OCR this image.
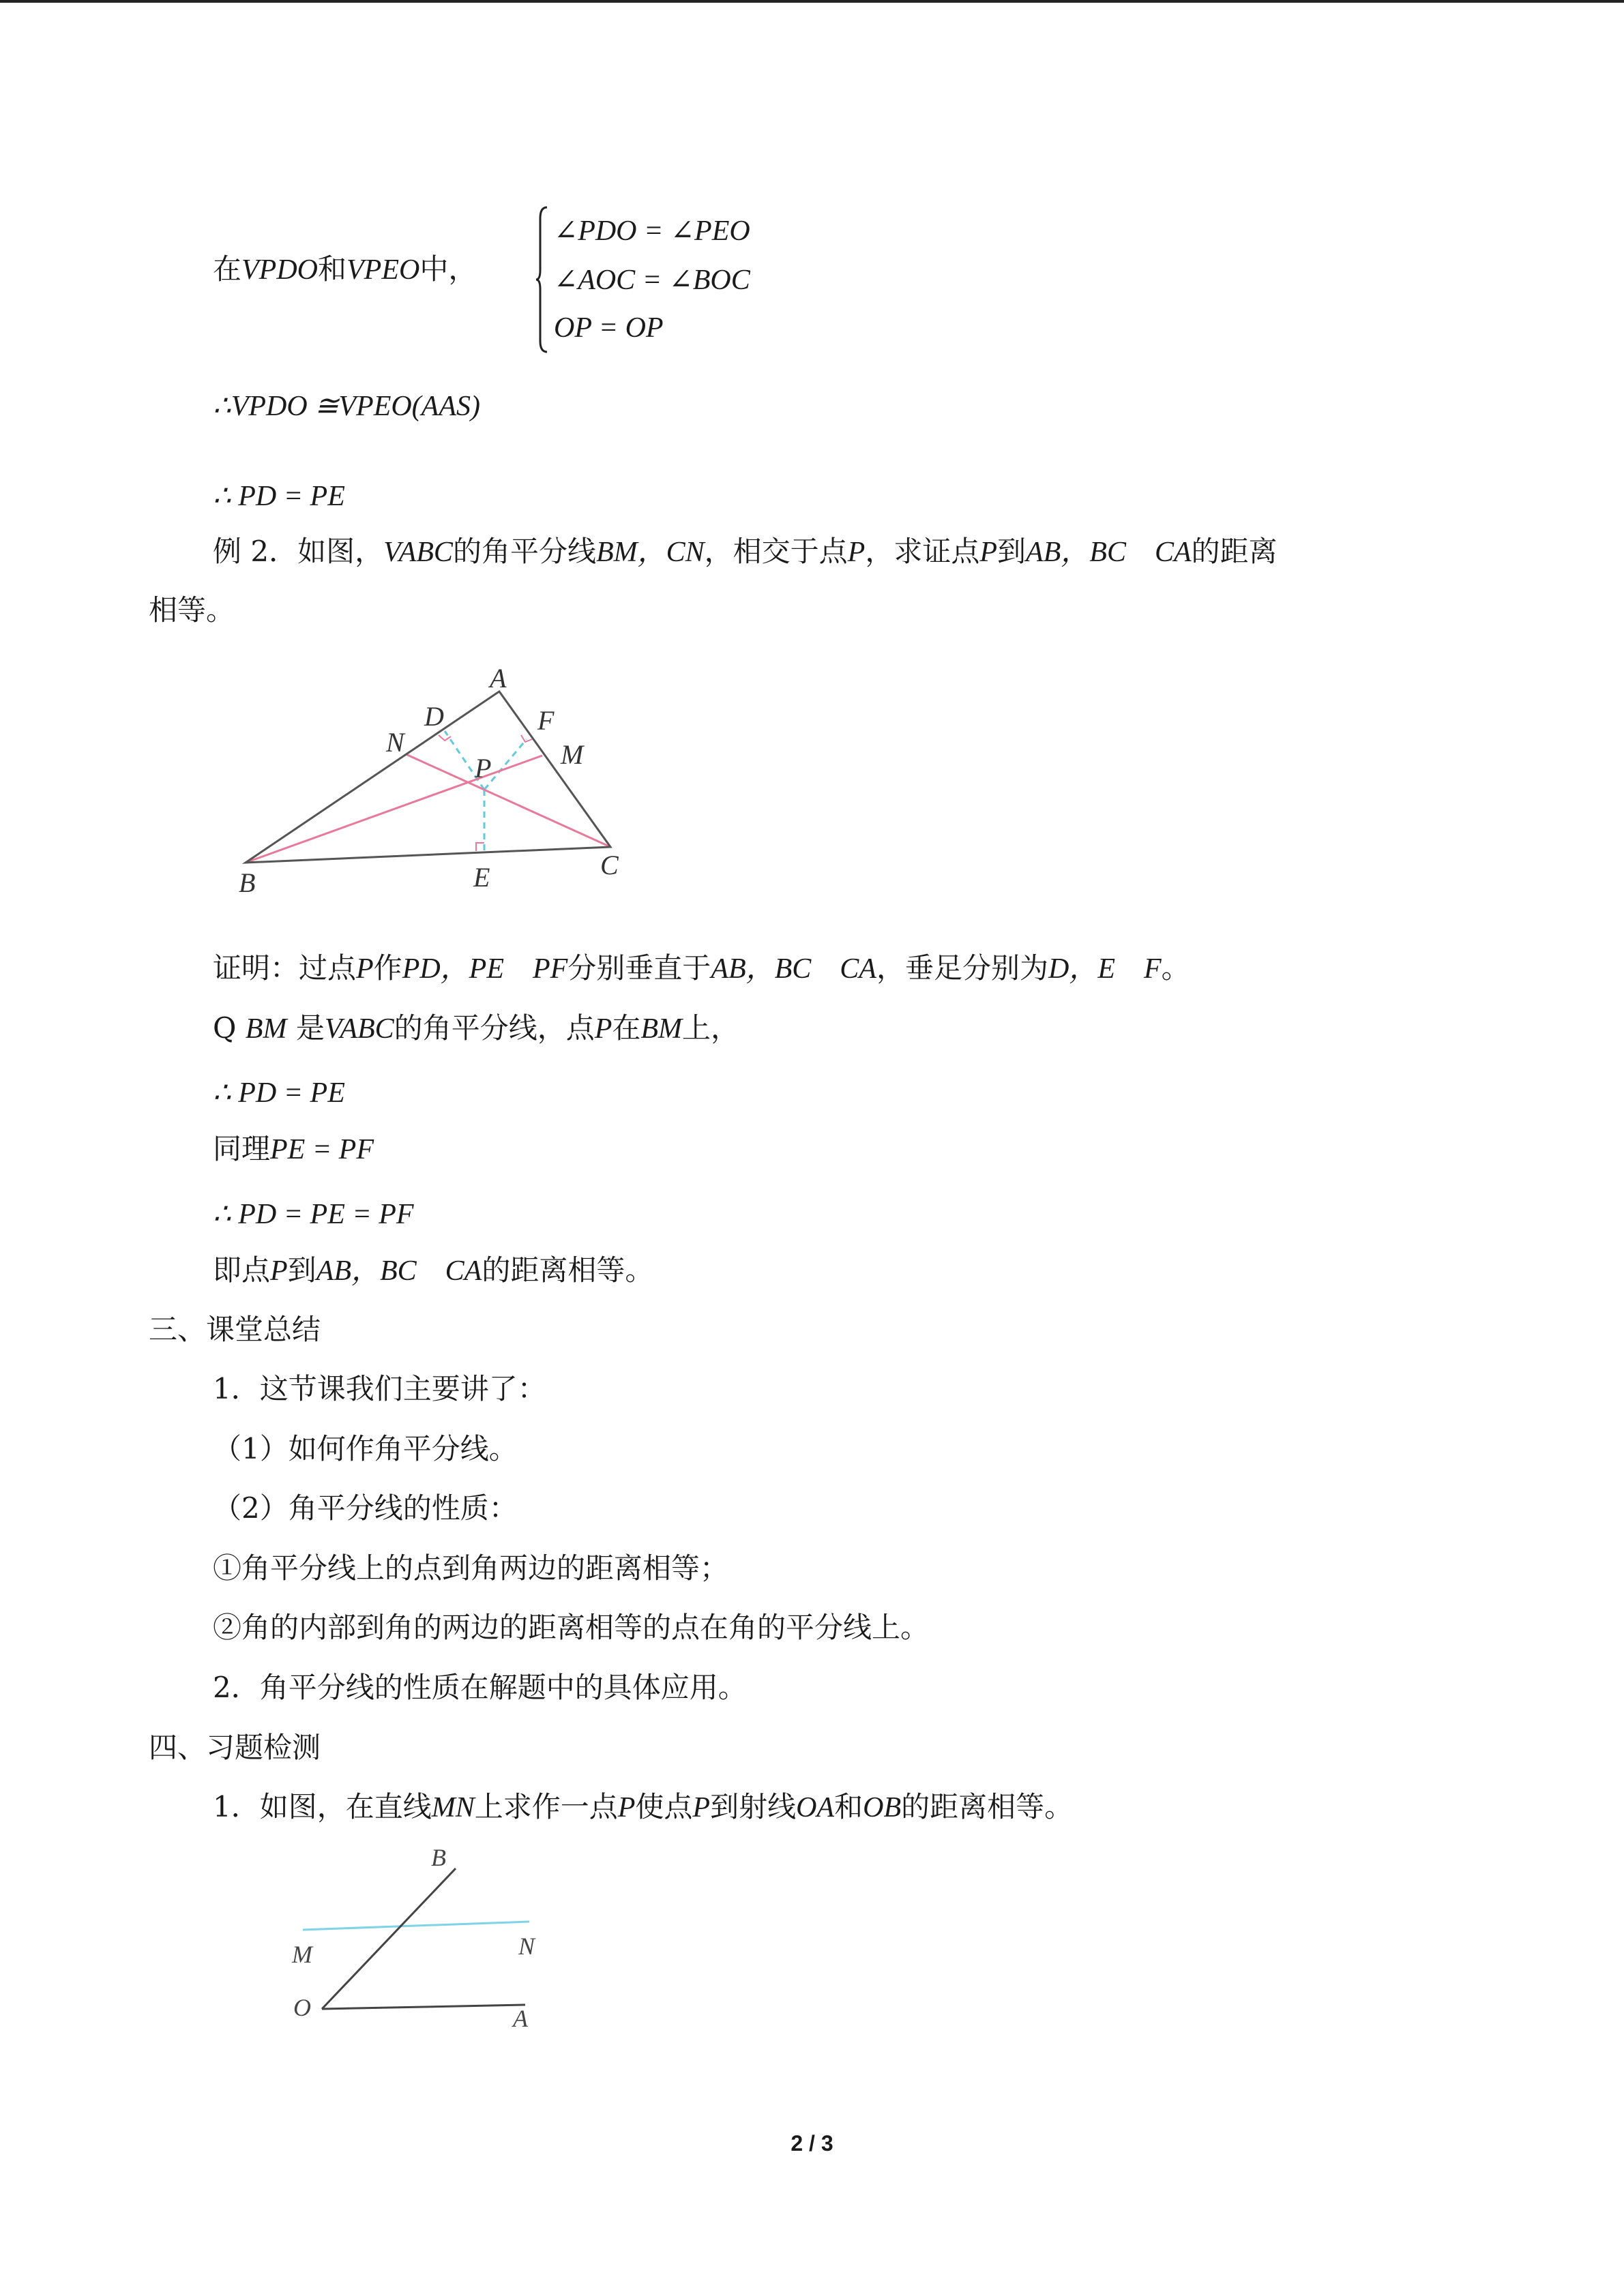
在VPDO和VPEO中，
∠PDO = ∠PEO
∠AOC = ∠BOC
OP = OP
∴VPDO ≅VPEO(AAS)
∴ PD = PE
例 2．如图，VABC的角平分线BM，CN，相交于点P，求证点P到AB，BC　CA的距离
相等。
A
B
C
D
E
F
M
N
P
证明：过点P作PD，PE　PF分别垂直于AB，BC　CA，垂足分别为D，E　F。
Q BM 是VABC的角平分线，点P在BM上，
∴ PD = PE
同理PE = PF
∴ PD = PE = PF
即点P到AB，BC　CA的距离相等。
三、课堂总结
1．这节课我们主要讲了：
（1）如何作角平分线。
（2）角平分线的性质：
①角平分线上的点到角两边的距离相等；
②角的内部到角的两边的距离相等的点在角的平分线上。
2．角平分线的性质在解题中的具体应用。
四、习题检测
1．如图，在直线MN上求作一点P使点P到射线OA和OB的距离相等。
B
M	N
O	A
2 / 3
